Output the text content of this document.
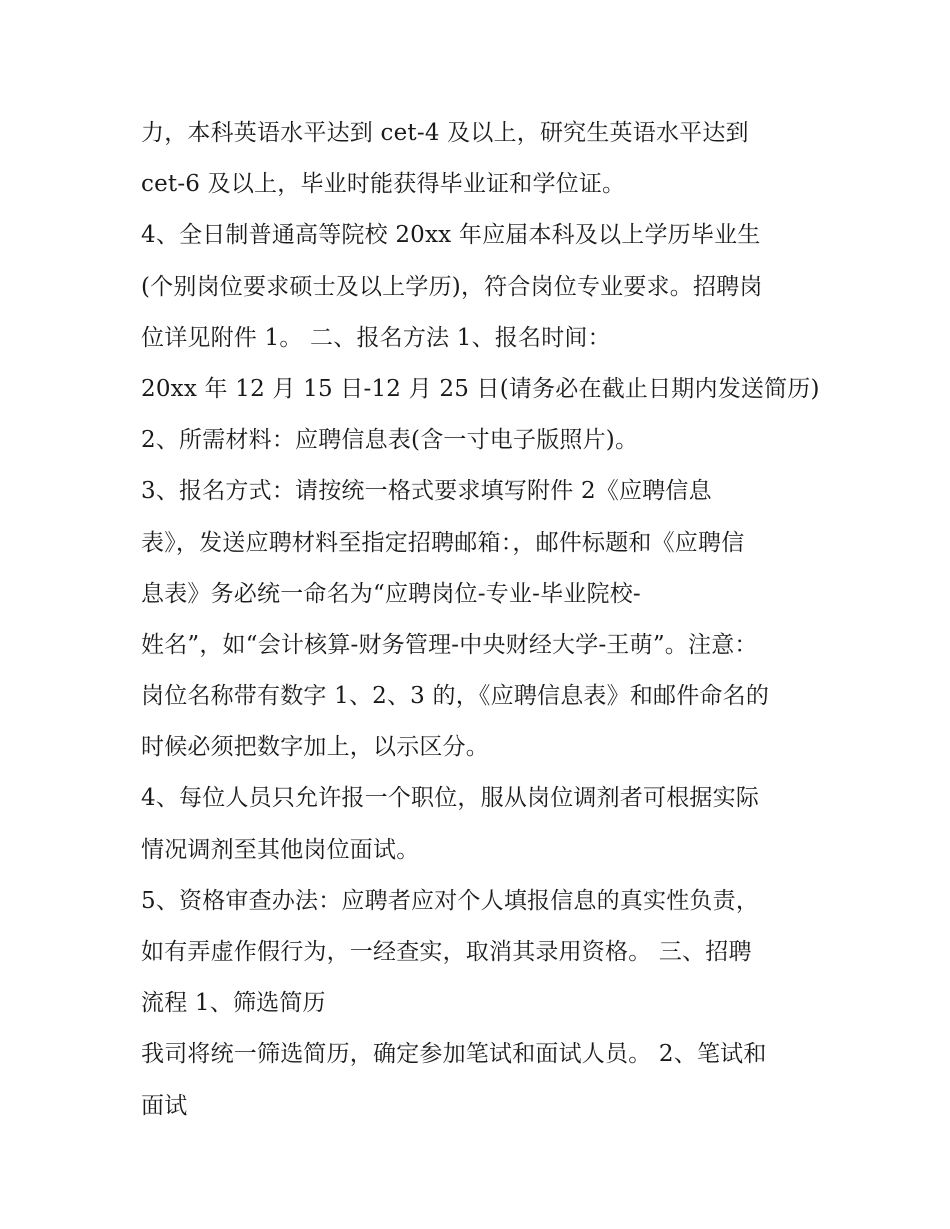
力，本科英语水平达到 cet-4 及以上，研究生英语水平达到
cet-6 及以上，毕业时能获得毕业证和学位证。
4、全日制普通高等院校 20xx 年应届本科及以上学历毕业生
(个别岗位要求硕士及以上学历)，符合岗位专业要求。招聘岗
位详见附件 1。 二、报名方法 1、报名时间：
20xx 年 12 月 15 日-12 月 25 日(请务必在截止日期内发送简历)
2、所需材料：应聘信息表(含一寸电子版照片)。
3、报名方式：请按统一格式要求填写附件 2《应聘信息
表》，发送应聘材料至指定招聘邮箱：，邮件标题和《应聘信
息表》务必统一命名为“应聘岗位-专业-毕业院校-
姓名”，如“会计核算-财务管理-中央财经大学-王萌”。注意：
岗位名称带有数字 1、2、3 的，《应聘信息表》和邮件命名的
时候必须把数字加上，以示区分。
4、每位人员只允许报一个职位，服从岗位调剂者可根据实际
情况调剂至其他岗位面试。
5、资格审查办法：应聘者应对个人填报信息的真实性负责，
如有弄虚作假行为，一经查实，取消其录用资格。 三、招聘
流程 1、筛选简历
我司将统一筛选简历，确定参加笔试和面试人员。 2、笔试和
面试
